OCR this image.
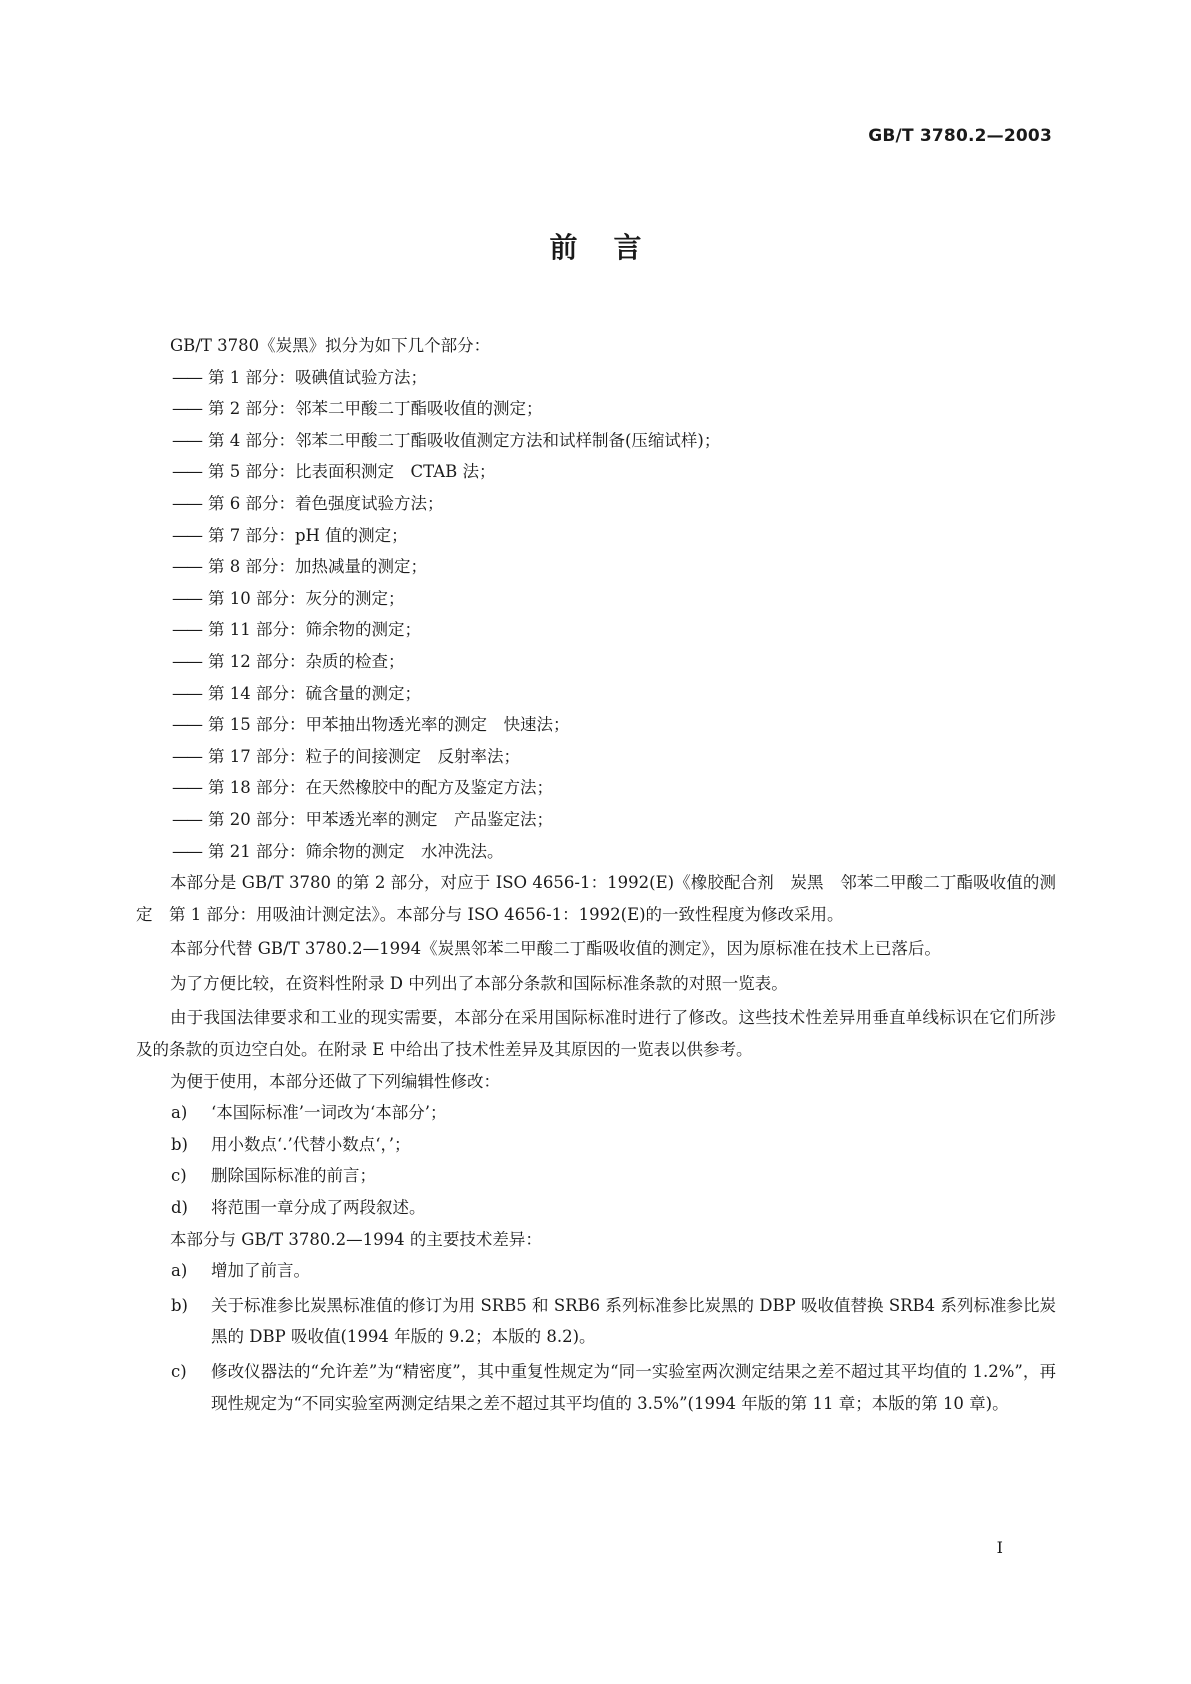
GB/T 3780.2—2003
前言

GB/T 3780《炭黑》拟分为如下几个部分：

—— 第 1 部分：吸碘值试验方法；

—— 第 2 部分：邻苯二甲酸二丁酯吸收值的测定；

—— 第 4 部分：邻苯二甲酸二丁酯吸收值测定方法和试样制备(压缩试样)；

—— 第 5 部分：比表面积测定　CTAB 法；

—— 第 6 部分：着色强度试验方法；

—— 第 7 部分：pH 值的测定；

—— 第 8 部分：加热减量的测定；

—— 第 10 部分：灰分的测定；

—— 第 11 部分：筛余物的测定；

—— 第 12 部分：杂质的检查；

—— 第 14 部分：硫含量的测定；

—— 第 15 部分：甲苯抽出物透光率的测定　快速法；

—— 第 17 部分：粒子的间接测定　反射率法；

—— 第 18 部分：在天然橡胶中的配方及鉴定方法；

—— 第 20 部分：甲苯透光率的测定　产品鉴定法；

—— 第 21 部分：筛余物的测定　水冲洗法。

本部分是 GB/T 3780 的第 2 部分，对应于 ISO 4656-1：1992(E)《橡胶配合剂　炭黑　邻苯二甲酸二丁酯吸收值的测定　第 1 部分：用吸油计测定法》。本部分与 ISO 4656-1：1992(E)的一致性程度为修改采用。

本部分代替 GB/T 3780.2—1994《炭黑邻苯二甲酸二丁酯吸收值的测定》，因为原标准在技术上已落后。

为了方便比较，在资料性附录 D 中列出了本部分条款和国际标准条款的对照一览表。

由于我国法律要求和工业的现实需要，本部分在采用国际标准时进行了修改。这些技术性差异用垂直单线标识在它们所涉及的条款的页边空白处。在附录 E 中给出了技术性差异及其原因的一览表以供参考。

为便于使用，本部分还做了下列编辑性修改：

a)	‘本国际标准’一词改为‘本部分’；
b)	用小数点‘.’代替小数点‘，’；
c)	删除国际标准的前言；
d)	将范围一章分成了两段叙述。

本部分与 GB/T 3780.2—1994 的主要技术差异：

a)	增加了前言。
b)	关于标准参比炭黑标准值的修订为用 SRB5 和 SRB6 系列标准参比炭黑的 DBP 吸收值替换 SRB4 系列标准参比炭黑的 DBP 吸收值(1994 年版的 9.2；本版的 8.2)。
c)	修改仪器法的“允许差”为“精密度”，其中重复性规定为“同一实验室两次测定结果之差不超过其平均值的 1.2%”，再现性规定为“不同实验室两测定结果之差不超过其平均值的 3.5%”(1994 年版的第 11 章；本版的第 10 章)。
I
